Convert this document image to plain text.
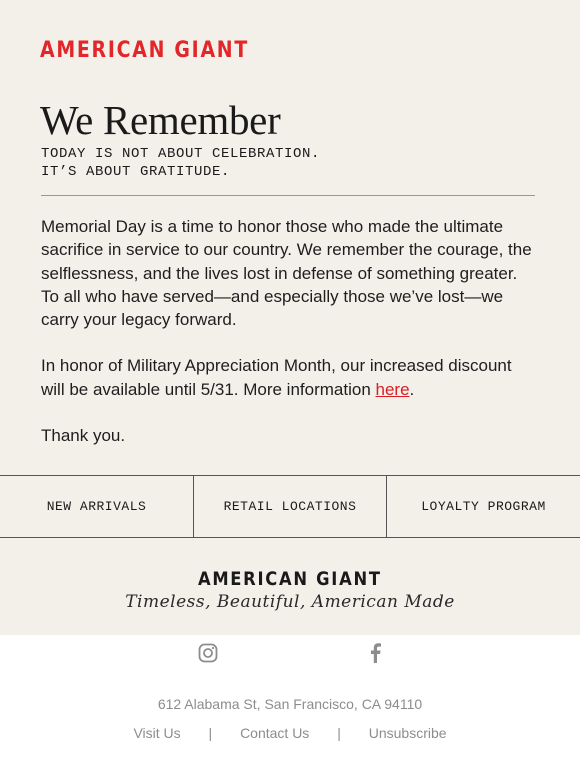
AMERICAN GIANT
We Remember
TODAY IS NOT ABOUT CELEBRATION.
IT’S ABOUT GRATITUDE.

Memorial Day is a time to honor those who made the ultimate sacrifice in service to our country. We remember the courage, the selflessness, and the lives lost in defense of something greater. To all who have served—and especially those we’ve lost—we carry your legacy forward.

In honor of Military Appreciation Month, our increased discount will be available until 5/31. More information here.

Thank you.

NEW ARRIVALS	RETAIL LOCATIONS	LOYALTY PROGRAM
AMERICAN GIANT
Timeless, Beautiful, American Made
612 Alabama St, San Francisco, CA 94110
Visit Us | Contact Us | Unsubscribe
